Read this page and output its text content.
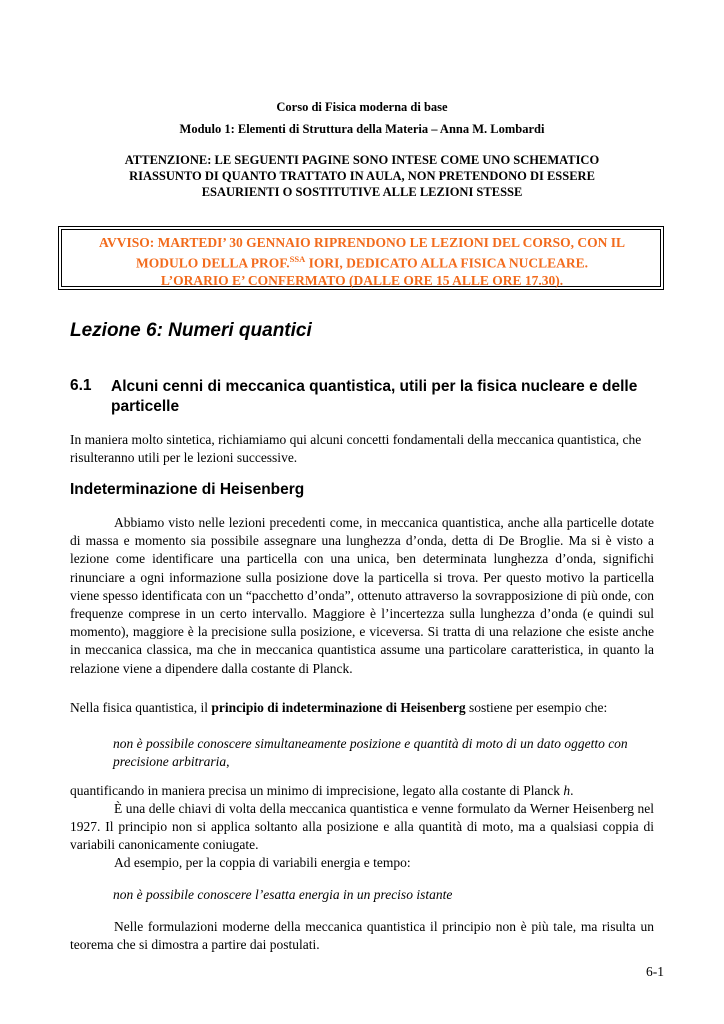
Corso di Fisica moderna di base
Modulo 1: Elementi di Struttura della Materia – Anna M. Lombardi
ATTENZIONE: LE SEGUENTI PAGINE SONO INTESE COME UNO SCHEMATICO
RIASSUNTO DI QUANTO TRATTATO IN AULA, NON PRETENDONO DI ESSERE
ESAURIENTI O SOSTITUTIVE ALLE LEZIONI STESSE
AVVISO: MARTEDI’ 30 GENNAIO RIPRENDONO LE LEZIONI DEL CORSO, CON IL
MODULO DELLA PROF.$^{SSA}$ IORI, DEDICATO ALLA FISICA NUCLEARE.
L’ORARIO E’ CONFERMATO (DALLE ORE 15 ALLE ORE 17.30).
Lezione 6: Numeri quantici
6.1 Alcuni cenni di meccanica quantistica, utili per la fisica nucleare e delle particelle
In maniera molto sintetica, richiamiamo qui alcuni concetti fondamentali della meccanica quantistica, che risulteranno utili per le lezioni successive.
Indeterminazione di Heisenberg
Abbiamo visto nelle lezioni precedenti come, in meccanica quantistica, anche alla particelle dotate di massa e momento sia possibile assegnare una lunghezza d’onda, detta di De Broglie. Ma si è visto a lezione come identificare una particella con una unica, ben determinata lunghezza d’onda, significhi rinunciare a ogni informazione sulla posizione dove la particella si trova. Per questo motivo la particella viene spesso identificata con un “pacchetto d’onda”, ottenuto attraverso la sovrapposizione di più onde, con frequenze comprese in un certo intervallo. Maggiore è l’incertezza sulla lunghezza d’onda (e quindi sul momento), maggiore è la precisione sulla posizione, e viceversa. Si tratta di una relazione che esiste anche in meccanica classica, ma che in meccanica quantistica assume una particolare caratteristica, in quanto la relazione viene a dipendere dalla costante di Planck.
Nella fisica quantistica, il principio di indeterminazione di Heisenberg sostiene per esempio che:
non è possibile conoscere simultaneamente posizione e quantità di moto di un dato oggetto con precisione arbitraria,
quantificando in maniera precisa un minimo di imprecisione, legato alla costante di Planck h.
È una delle chiavi di volta della meccanica quantistica e venne formulato da Werner Heisenberg nel 1927. Il principio non si applica soltanto alla posizione e alla quantità di moto, ma a qualsiasi coppia di variabili canonicamente coniugate.
Ad esempio, per la coppia di variabili energia e tempo:
non è possibile conoscere l’esatta energia in un preciso istante
Nelle formulazioni moderne della meccanica quantistica il principio non è più tale, ma risulta un teorema che si dimostra a partire dai postulati.
6-1
